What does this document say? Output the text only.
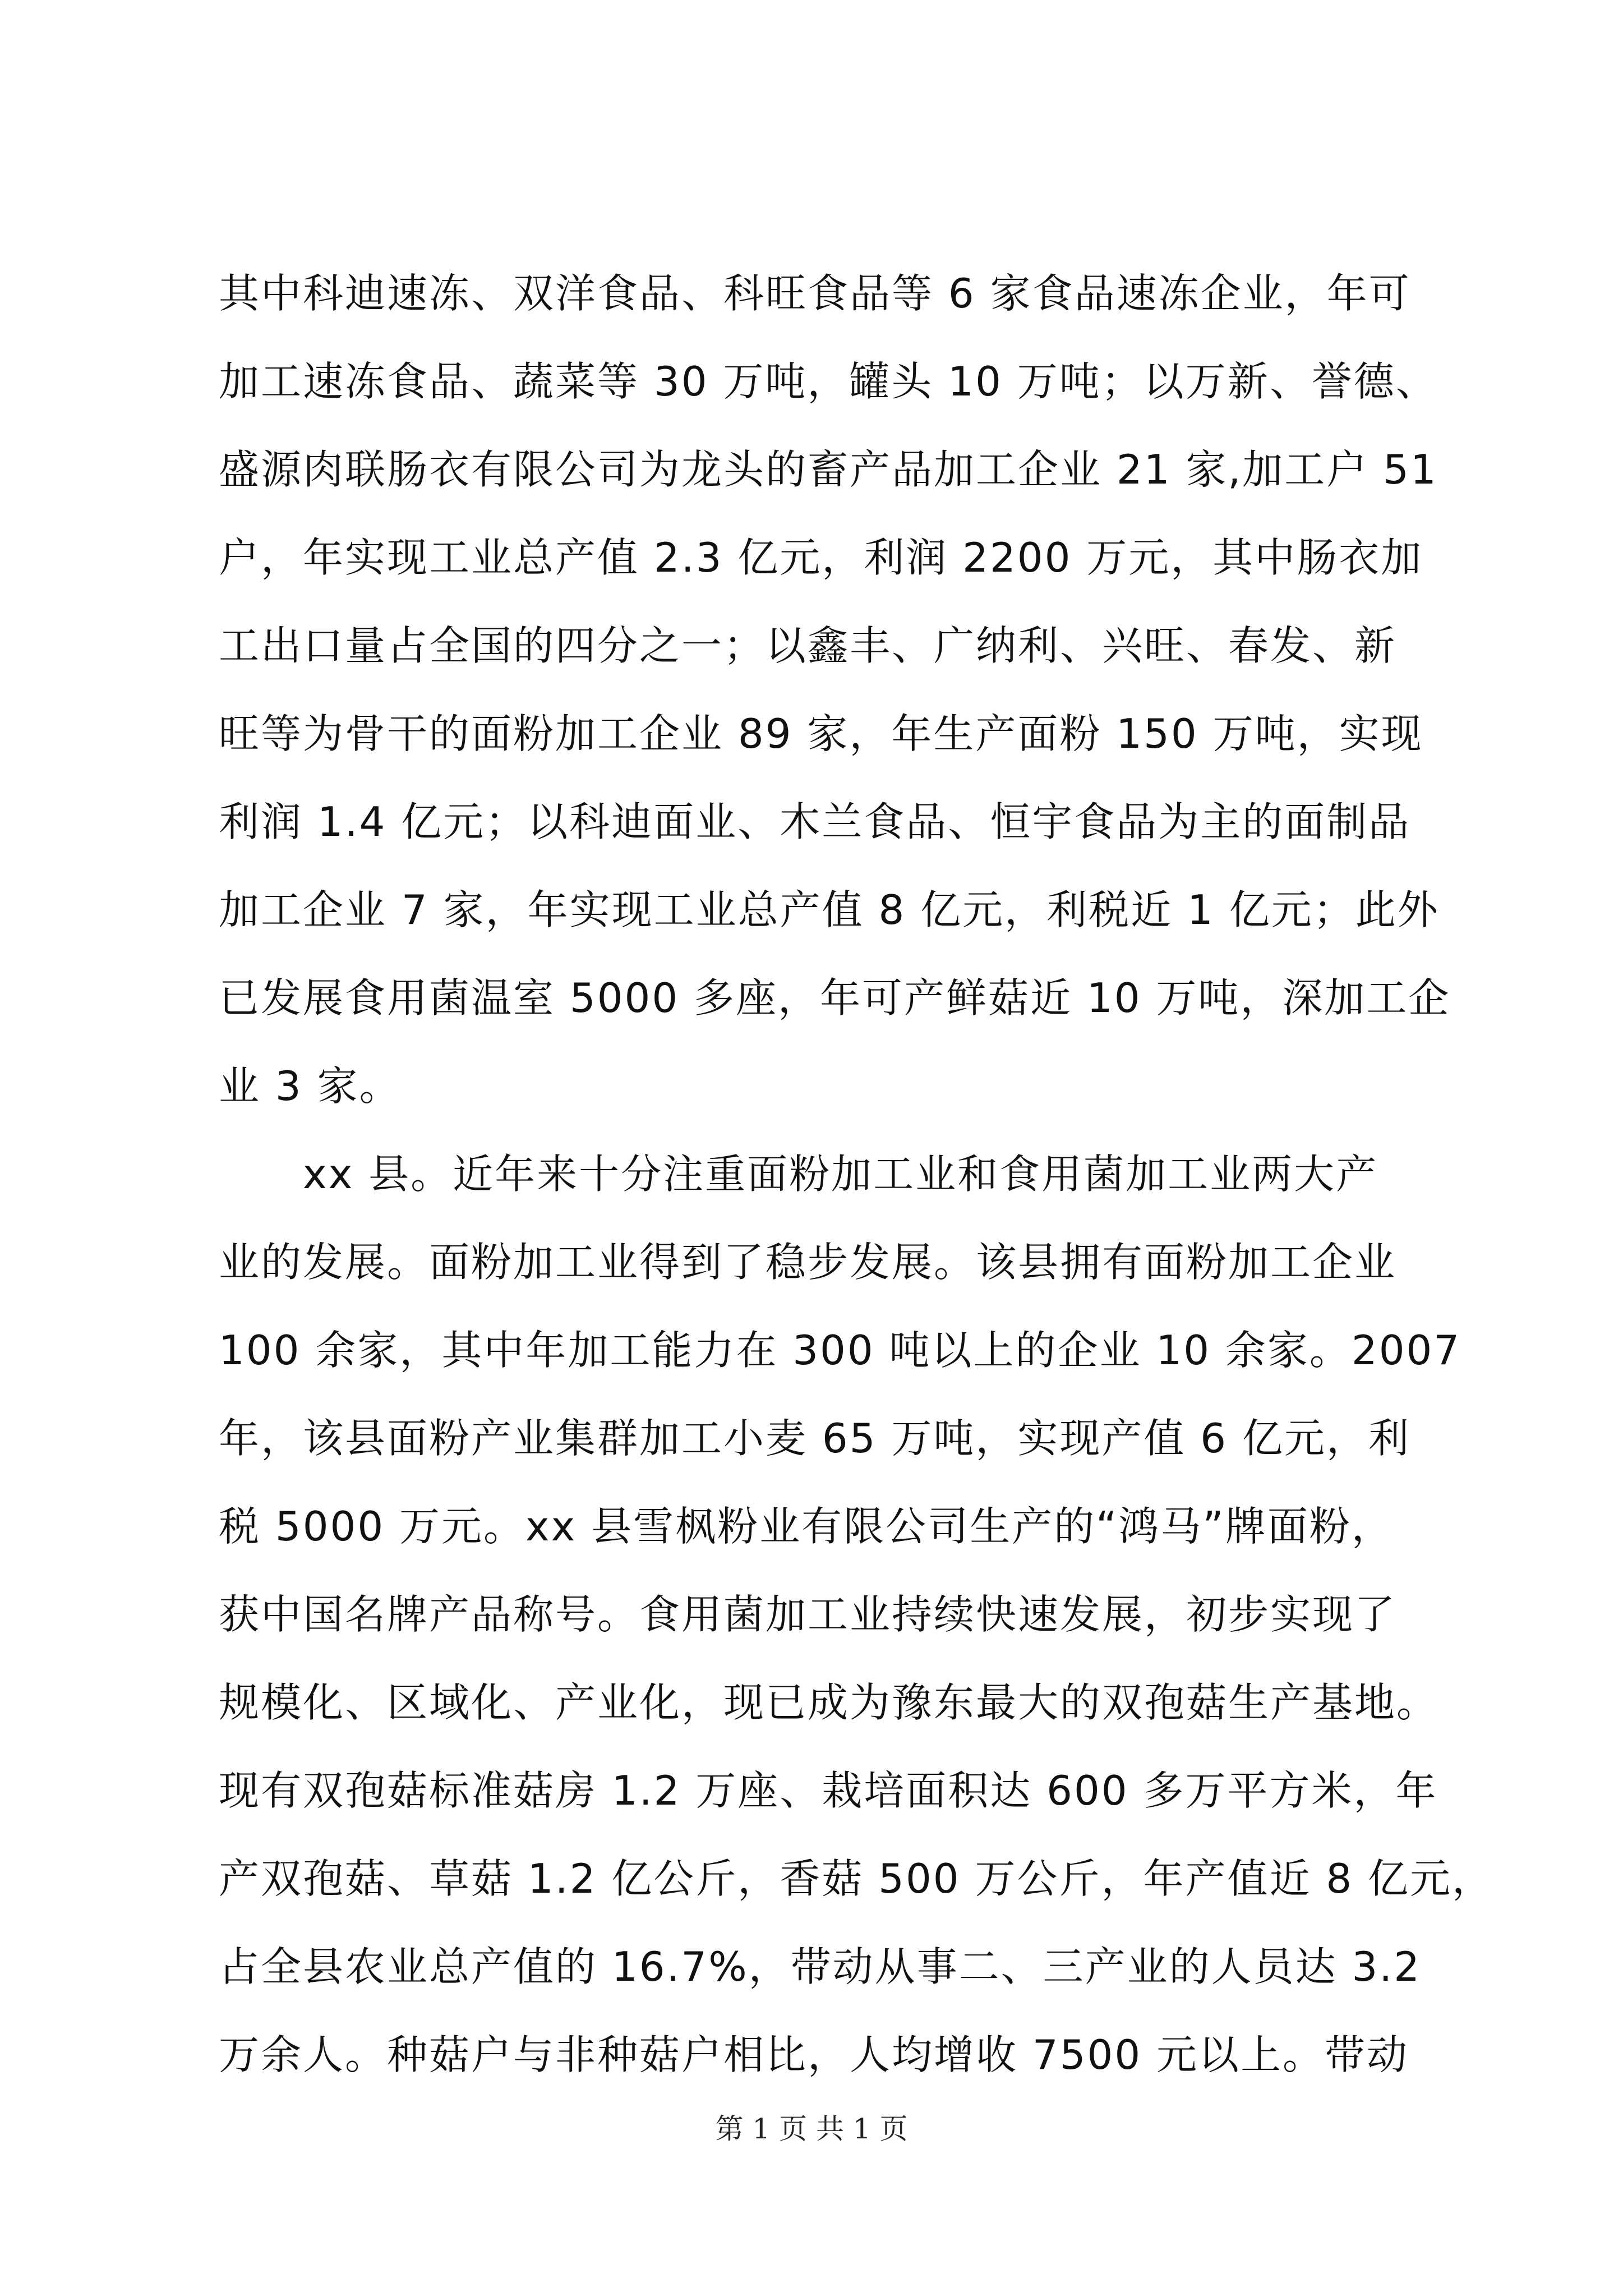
其中科迪速冻、双洋食品、科旺食品等 6 家食品速冻企业，年可
加工速冻食品、蔬菜等 30 万吨，罐头 10 万吨；以万新、誉德、
盛源肉联肠衣有限公司为龙头的畜产品加工企业 21 家,加工户 51
户，年实现工业总产值 2.3 亿元，利润 2200 万元，其中肠衣加
工出口量占全国的四分之一；以鑫丰、广纳利、兴旺、春发、新
旺等为骨干的面粉加工企业 89 家，年生产面粉 150 万吨，实现
利润 1.4 亿元；以科迪面业、木兰食品、恒宇食品为主的面制品
加工企业 7 家，年实现工业总产值 8 亿元，利税近 1 亿元；此外
已发展食用菌温室 5000 多座，年可产鲜菇近 10 万吨，深加工企
业 3 家。
xx 县。近年来十分注重面粉加工业和食用菌加工业两大产
业的发展。面粉加工业得到了稳步发展。该县拥有面粉加工企业
100 余家，其中年加工能力在 300 吨以上的企业 10 余家。2007
年，该县面粉产业集群加工小麦 65 万吨，实现产值 6 亿元，利
税 5000 万元。xx 县雪枫粉业有限公司生产的“鸿马”牌面粉，
获中国名牌产品称号。食用菌加工业持续快速发展，初步实现了
规模化、区域化、产业化，现已成为豫东最大的双孢菇生产基地。
现有双孢菇标准菇房 1.2 万座、栽培面积达 600 多万平方米，年
产双孢菇、草菇 1.2 亿公斤，香菇 500 万公斤，年产值近 8 亿元，
占全县农业总产值的 16.7%，带动从事二、三产业的人员达 3.2
万余人。种菇户与非种菇户相比，人均增收 7500 元以上。带动
第 1 页 共 1 页
